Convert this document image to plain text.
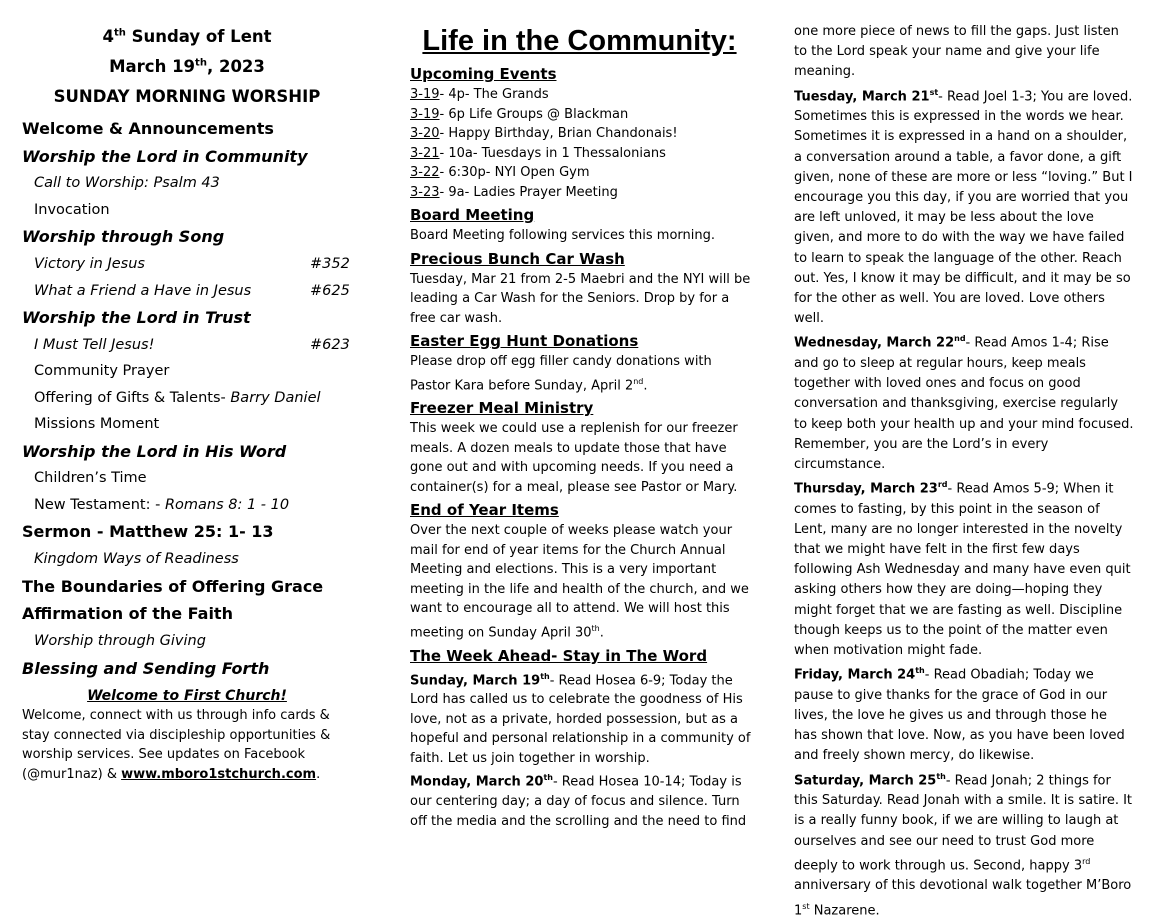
4th Sunday of Lent
March 19th, 2023
SUNDAY MORNING WORSHIP
Welcome & Announcements
Worship the Lord in Community
Call to Worship: Psalm 43
Invocation
Worship through Song
Victory in Jesus	#352
What a Friend a Have in Jesus	#625
Worship the Lord in Trust
I Must Tell Jesus!	#623
Community Prayer
Offering of Gifts & Talents- Barry Daniel
Missions Moment
Worship the Lord in His Word
Children’s Time
New Testament: - Romans 8: 1 - 10
Sermon - Matthew 25: 1- 13
Kingdom Ways of Readiness
The Boundaries of Offering Grace
Affirmation of the Faith
Worship through Giving
Blessing and Sending Forth
Welcome to First Church!
Welcome, connect with us through info cards & stay connected via discipleship opportunities & worship services. See updates on Facebook (@mur1naz) & www.mboro1stchurch.com.
Life in the Community:
Upcoming Events
3-19- 4p- The Grands
3-19- 6p Life Groups @ Blackman
3-20- Happy Birthday, Brian Chandonais!
3-21- 10a- Tuesdays in 1 Thessalonians
3-22- 6:30p- NYI Open Gym
3-23- 9a- Ladies Prayer Meeting
Board Meeting
Board Meeting following services this morning.
Precious Bunch Car Wash
Tuesday, Mar 21 from 2-5 Maebri and the NYI will be leading a Car Wash for the Seniors. Drop by for a free car wash.
Easter Egg Hunt Donations
Please drop off egg filler candy donations with Pastor Kara before Sunday, April 2nd.
Freezer Meal Ministry
This week we could use a replenish for our freezer meals. A dozen meals to update those that have gone out and with upcoming needs. If you need a container(s) for a meal, please see Pastor or Mary.
End of Year Items
Over the next couple of weeks please watch your mail for end of year items for the Church Annual Meeting and elections. This is a very important meeting in the life and health of the church, and we want to encourage all to attend. We will host this meeting on Sunday April 30th.
The Week Ahead- Stay in The Word
Sunday, March 19th- Read Hosea 6-9; Today the Lord has called us to celebrate the goodness of His love, not as a private, horded possession, but as a hopeful and personal relationship in a community of faith. Let us join together in worship.
Monday, March 20th- Read Hosea 10-14; Today is our centering day; a day of focus and silence. Turn off the media and the scrolling and the need to find
one more piece of news to fill the gaps. Just listen to the Lord speak your name and give your life meaning.
Tuesday, March 21st- Read Joel 1-3; You are loved. Sometimes this is expressed in the words we hear. Sometimes it is expressed in a hand on a shoulder, a conversation around a table, a favor done, a gift given, none of these are more or less “loving.” But I encourage you this day, if you are worried that you are left unloved, it may be less about the love given, and more to do with the way we have failed to learn to speak the language of the other. Reach out. Yes, I know it may be difficult, and it may be so for the other as well. You are loved. Love others well.
Wednesday, March 22nd- Read Amos 1-4; Rise and go to sleep at regular hours, keep meals together with loved ones and focus on good conversation and thanksgiving, exercise regularly to keep both your health up and your mind focused. Remember, you are the Lord’s in every circumstance.
Thursday, March 23rd- Read Amos 5-9; When it comes to fasting, by this point in the season of Lent, many are no longer interested in the novelty that we might have felt in the first few days following Ash Wednesday and many have even quit asking others how they are doing—hoping they might forget that we are fasting as well. Discipline though keeps us to the point of the matter even when motivation might fade.
Friday, March 24th- Read Obadiah; Today we pause to give thanks for the grace of God in our lives, the love he gives us and through those he has shown that love. Now, as you have been loved and freely shown mercy, do likewise.
Saturday, March 25th- Read Jonah; 2 things for this Saturday. Read Jonah with a smile. It is satire. It is a really funny book, if we are willing to laugh at ourselves and see our need to trust God more deeply to work through us. Second, happy 3rd anniversary of this devotional walk together M’Boro 1st Nazarene.
